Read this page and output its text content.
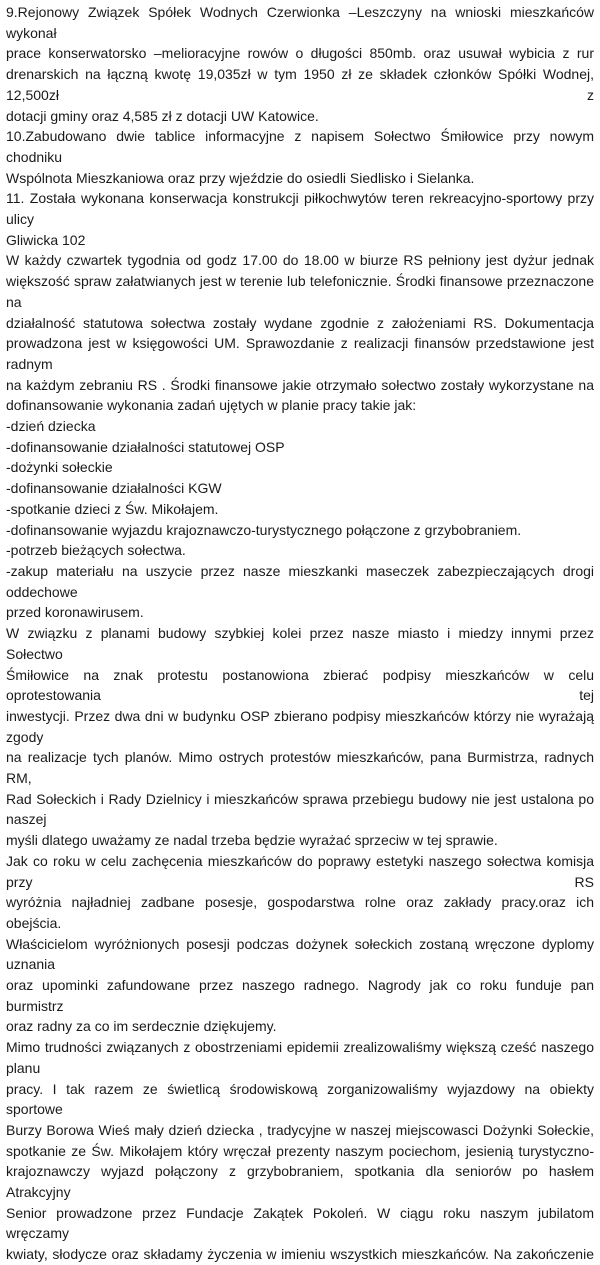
9.Rejonowy Związek Spółek Wodnych Czerwionka –Leszczyny na wnioski mieszkańców wykonał
prace konserwatorsko –melioracyjne rowów o długości 850mb. oraz usuwał wybicia z rur
drenarskich na łączną kwotę 19,035zł w tym 1950 zł ze składek członków Spółki Wodnej, 12,500zł z
dotacji gminy oraz 4,585 zł z dotacji UW Katowice.
10.Zabudowano dwie tablice informacyjne z napisem Sołectwo Śmiłowice przy nowym chodniku
Wspólnota Mieszkaniowa oraz przy wjeździe do osiedli Siedlisko i Sielanka.
11. Została wykonana konserwacja konstrukcji piłkochwytów teren rekreacyjno-sportowy przy ulicy
Gliwicka 102
W każdy czwartek tygodnia od godz 17.00 do 18.00 w biurze RS pełniony jest dyżur jednak
większość spraw załatwianych jest w terenie lub telefonicznie. Środki finansowe przeznaczone na
działalność statutowa sołectwa zostały wydane zgodnie z założeniami RS. Dokumentacja
prowadzona jest w księgowości UM. Sprawozdanie z realizacji finansów przedstawione jest radnym
na każdym zebraniu RS . Środki finansowe jakie otrzymało sołectwo zostały wykorzystane na
dofinansowanie wykonania zadań ujętych w planie pracy takie jak:
-dzień dziecka
-dofinansowanie działalności statutowej OSP
-dożynki sołeckie
-dofinansowanie działalności KGW
-spotkanie dzieci z Św. Mikołajem.
-dofinansowanie wyjazdu krajoznawczo-turystycznego połączone z grzybobraniem.
-potrzeb bieżących sołectwa.
-zakup materiału na uszycie przez nasze mieszkanki maseczek zabezpieczających drogi oddechowe
przed koronawirusem.
W związku z planami budowy szybkiej kolei przez nasze miasto i miedzy innymi przez Sołectwo
Śmiłowice na znak protestu postanowiona zbierać podpisy mieszkańców w celu oprotestowania tej
inwestycji. Przez dwa dni w budynku OSP zbierano podpisy mieszkańców którzy nie wyrażają zgody
na realizacje tych planów. Mimo ostrych protestów mieszkańców, pana Burmistrza, radnych RM,
Rad Sołeckich i Rady Dzielnicy i mieszkańców sprawa przebiegu budowy nie jest ustalona po naszej
myśli dlatego uważamy ze nadal trzeba będzie wyrażać sprzeciw w tej sprawie.
Jak co roku w celu zachęcenia mieszkańców do poprawy estetyki naszego sołectwa komisja przy RS
wyróżnia najładniej zadbane posesje, gospodarstwa rolne oraz zakłady pracy.oraz ich obejścia.
Właścicielom wyróżnionych posesji podczas dożynek sołeckich zostaną wręczone dyplomy uznania
oraz upominki zafundowane przez naszego radnego. Nagrody jak co roku funduje pan burmistrz
oraz radny za co im serdecznie dziękujemy.
Mimo trudności związanych z obostrzeniami epidemii zrealizowaliśmy większą cześć naszego planu
pracy. I tak razem ze świetlicą środowiskową zorganizowaliśmy wyjazdowy na obiekty sportowe
Burzy Borowa Wieś mały dzień dziecka , tradycyjne w naszej miejscowasci Dożynki Sołeckie,
spotkanie ze Św. Mikołajem który wręczał prezenty naszym pociechom, jesienią turystyczno-
krajoznawczy wyjazd połączony z grzybobraniem, spotkania dla seniorów po hasłem Atrakcyjny
Senior prowadzone przez Fundacje Zakątek Pokoleń. W ciągu roku naszym jubilatom wręczamy
kwiaty, słodycze oraz składamy życzenia w imieniu wszystkich mieszkańców. Na zakończenie
